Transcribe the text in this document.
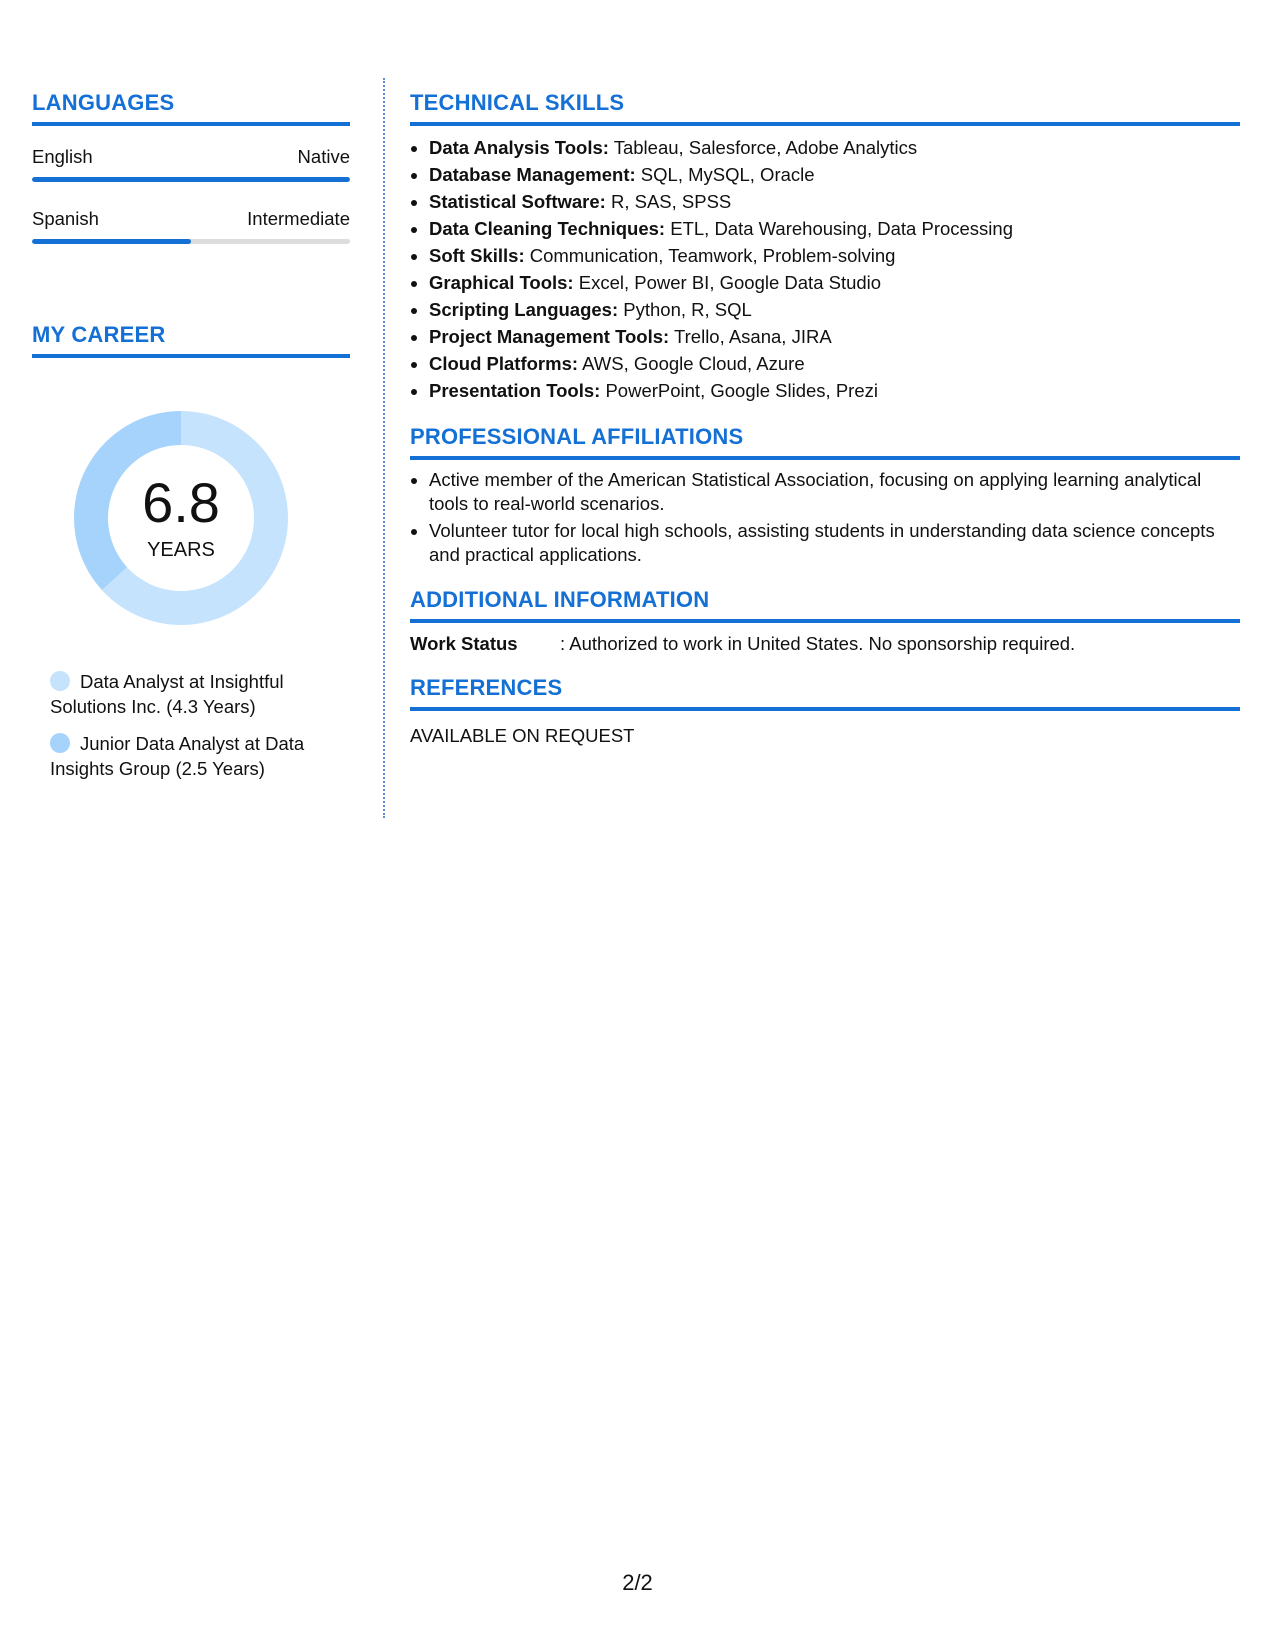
LANGUAGES
English	Native
Spanish	Intermediate
MY CAREER
6.8
YEARS
Data Analyst at Insightful Solutions Inc. (4.3 Years)
Junior Data Analyst at Data Insights Group (2.5 Years)
TECHNICAL SKILLS
• Data Analysis Tools: Tableau, Salesforce, Adobe Analytics
• Database Management: SQL, MySQL, Oracle
• Statistical Software: R, SAS, SPSS
• Data Cleaning Techniques: ETL, Data Warehousing, Data Processing
• Soft Skills: Communication, Teamwork, Problem-solving
• Graphical Tools: Excel, Power BI, Google Data Studio
• Scripting Languages: Python, R, SQL
• Project Management Tools: Trello, Asana, JIRA
• Cloud Platforms: AWS, Google Cloud, Azure
• Presentation Tools: PowerPoint, Google Slides, Prezi
PROFESSIONAL AFFILIATIONS
• Active member of the American Statistical Association, focusing on applying learning analytical tools to real-world scenarios.
• Volunteer tutor for local high schools, assisting students in understanding data science concepts and practical applications.
ADDITIONAL INFORMATION
Work Status	: Authorized to work in United States. No sponsorship required.
REFERENCES
AVAILABLE ON REQUEST
2/2
